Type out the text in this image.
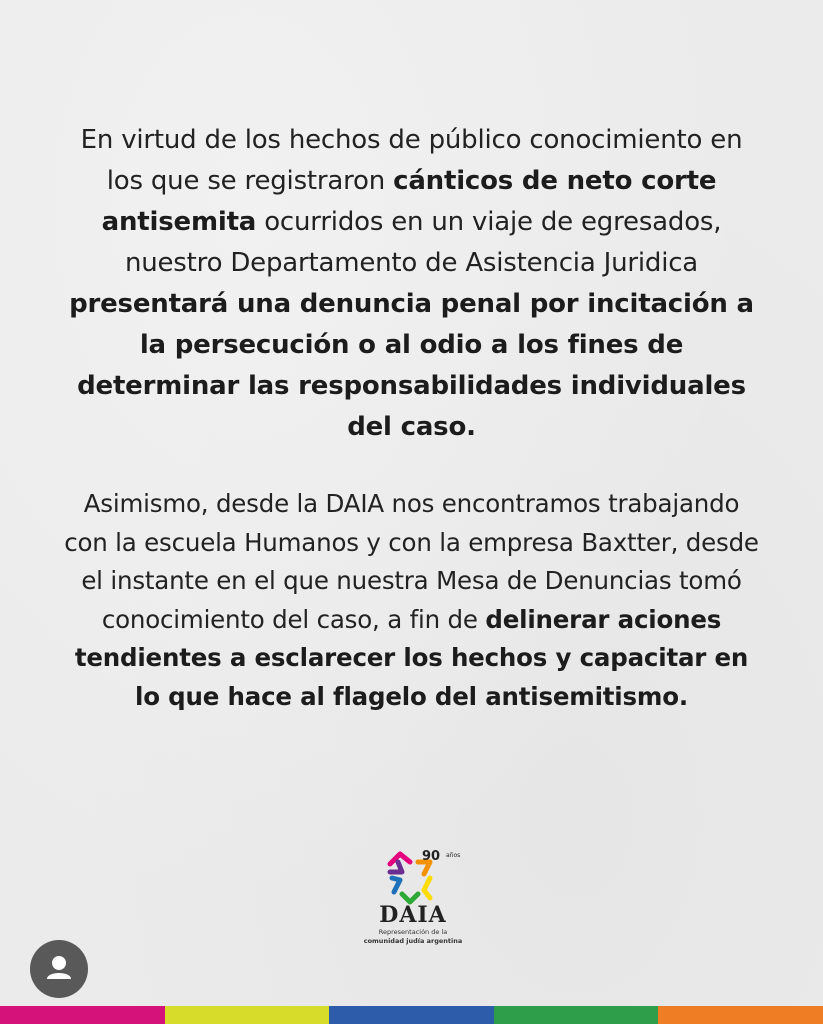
En virtud de los hechos de público conocimiento en los que se registraron cánticos de neto corte antisemita ocurridos en un viaje de egresados, nuestro Departamento de Asistencia Juridica presentará una denuncia penal por incitación a la persecución o al odio a los fines de determinar las responsabilidades individuales del caso.
Asimismo, desde la DAIA nos encontramos trabajando con la escuela Humanos y con la empresa Baxtter, desde el instante en el que nuestra Mesa de Denuncias tomó conocimiento del caso, a fin de delinerar aciones tendientes a esclarecer los hechos y capacitar en lo que hace al flagelo del antisemitismo.
90 años
DAIA
Representación de la
comunidad judía argentina
